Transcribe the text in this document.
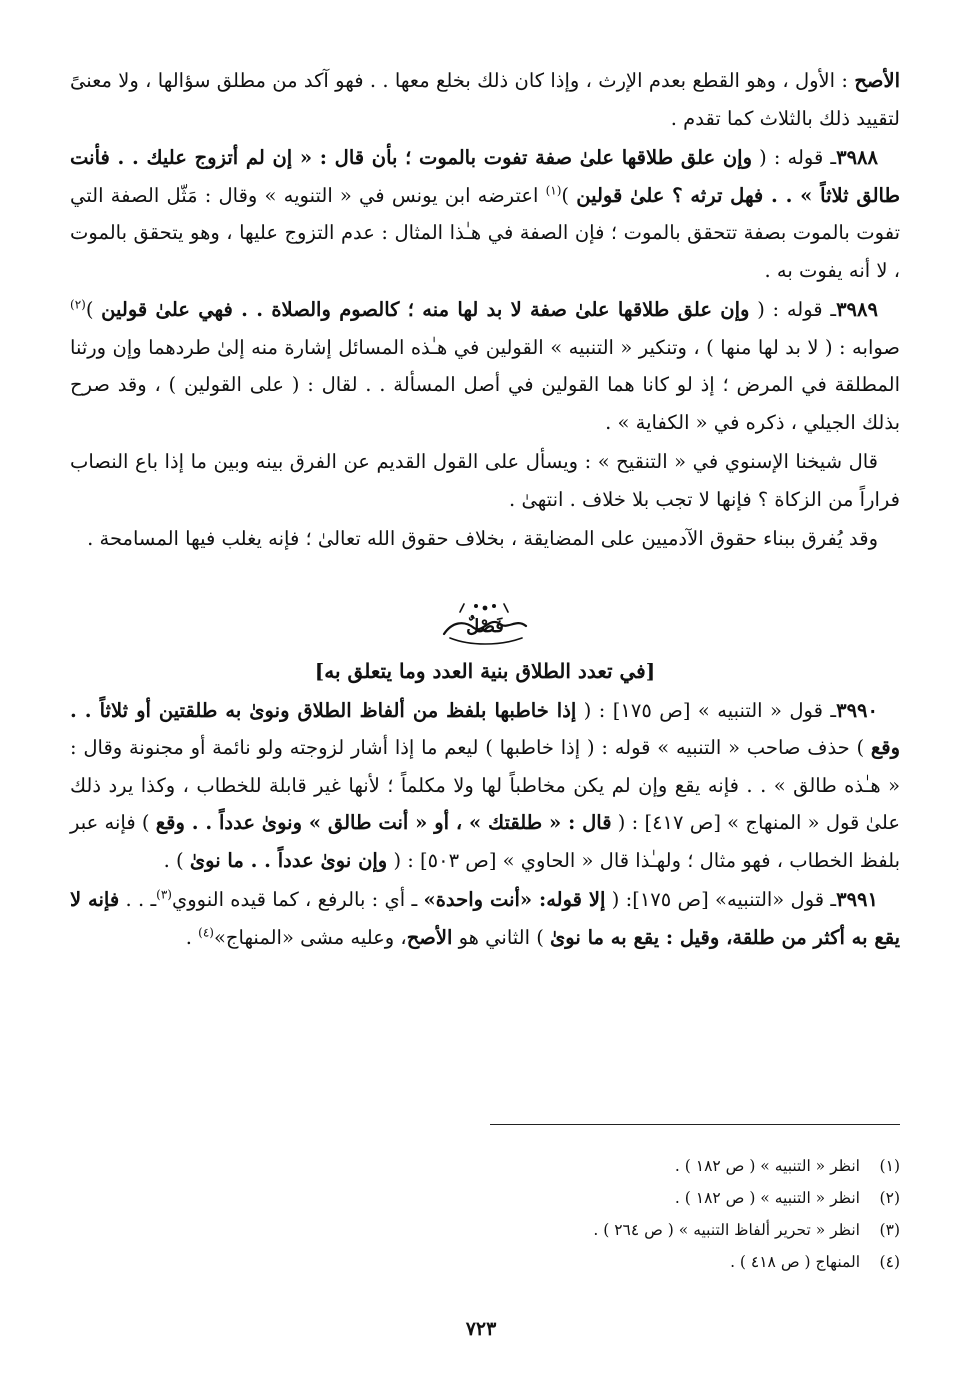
الأصح : الأول ، وهو القطع بعدم الإرث ، وإذا كان ذلك بخلع معها . . فهو آكد من مطلق سؤالها ، ولا معنىً لتقييد ذلك بالثلاث كما تقدم .

٣٩٨٨ـ قوله : ( وإن علق طلاقها علىٰ صفة تفوت بالموت ؛ بأن قال : « إن لم أتزوج عليك . . فأنت طالق ثلاثاً » . . فهل ترثه ؟ علىٰ قولين )$^{(١)}$ اعترضه ابن يونس في « التنويه » وقال : مَثّل الصفة التي تفوت بالموت بصفة تتحقق بالموت ؛ فإن الصفة في هـٰذا المثال : عدم التزوج عليها ، وهو يتحقق بالموت ، لا أنه يفوت به .

٣٩٨٩ـ قوله : ( وإن علق طلاقها علىٰ صفة لا بد لها منه ؛ كالصوم والصلاة . . فهي علىٰ قولين )$^{(٢)}$ صوابه : ( لا بد لها منها ) ، وتنكير « التنبيه » القولين في هـٰذه المسائل إشارة منه إلىٰ طردهما وإن ورثنا المطلقة في المرض ؛ إذ لو كانا هما القولين في أصل المسألة . . لقال : ( على القولين ) ، وقد صرح بذلك الجيلي ، ذكره في « الكفاية » .

قال شيخنا الإسنوي في « التنقيح » : ويسأل على القول القديم عن الفرق بينه وبين ما إذا باع النصاب فراراً من الزكاة ؟ فإنها لا تجب بلا خلاف . انتهىٰ .

وقد يُفرق ببناء حقوق الآدميين على المضايقة ، بخلاف حقوق الله تعالىٰ ؛ فإنه يغلب فيها المسامحة .

فَصْلٌ
[في تعدد الطلاق بنية العدد وما يتعلق به]

٣٩٩٠ـ قول « التنبيه » [ص ١٧٥] : ( إذا خاطبها بلفظ من ألفاظ الطلاق ونوىٰ به طلقتين أو ثلاثاً . . وقع ) حذف صاحب « التنبيه » قوله : ( إذا خاطبها ) ليعم ما إذا أشار لزوجته ولو نائمة أو مجنونة وقال : « هـٰذه طالق » . . فإنه يقع وإن لم يكن مخاطباً لها ولا مكلماً ؛ لأنها غير قابلة للخطاب ، وكذا يرد ذلك علىٰ قول « المنهاج » [ص ٤١٧] : ( قال : « طلقتك » ، أو « أنت طالق » ونوىٰ عدداً . . وقع ) فإنه عبر بلفظ الخطاب ، فهو مثال ؛ ولهـٰذا قال « الحاوي » [ص ٥٠٣] : ( وإن نوىٰ عدداً . . ما نوىٰ ) .

٣٩٩١ـ قول «التنبيه» [ص ١٧٥]: ( إلا قوله: «أنت واحدة» ـ أي : بالرفع ، كما قيده النووي$^{(٣)}$ـ . . فإنه لا يقع به أكثر من طلقة، وقيل : يقع به ما نوىٰ ) الثاني هو الأصح، وعليه مشى «المنهاج»$^{(٤)}$ .

(١)
انظر « التنبيه » ( ص ١٨٢ ) .
(٢)
انظر « التنبيه » ( ص ١٨٢ ) .
(٣)
انظر « تحرير ألفاظ التنبيه » ( ص ٢٦٤ ) .
(٤)
المنهاج ( ص ٤١٨ ) .
٧٢٣
